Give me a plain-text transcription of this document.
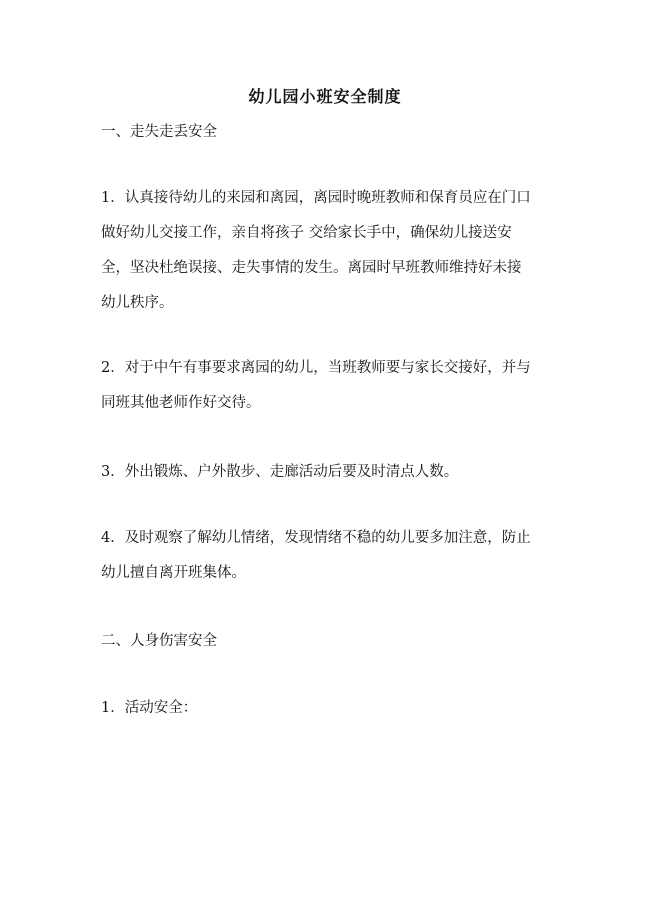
幼儿园小班安全制度

一、走失走丢安全

1．认真接待幼儿的来园和离园，离园时晚班教师和保育员应在门口
做好幼儿交接工作，亲自将孩子 交给家长手中，确保幼儿接送安
全，坚决杜绝误接、走失事情的发生。离园时早班教师维持好未接
幼儿秩序。

2．对于中午有事要求离园的幼儿，当班教师要与家长交接好，并与
同班其他老师作好交待。

3．外出锻炼、户外散步、走廊活动后要及时清点人数。

4．及时观察了解幼儿情绪，发现情绪不稳的幼儿要多加注意，防止
幼儿擅自离开班集体。

二、人身伤害安全

1．活动安全：
